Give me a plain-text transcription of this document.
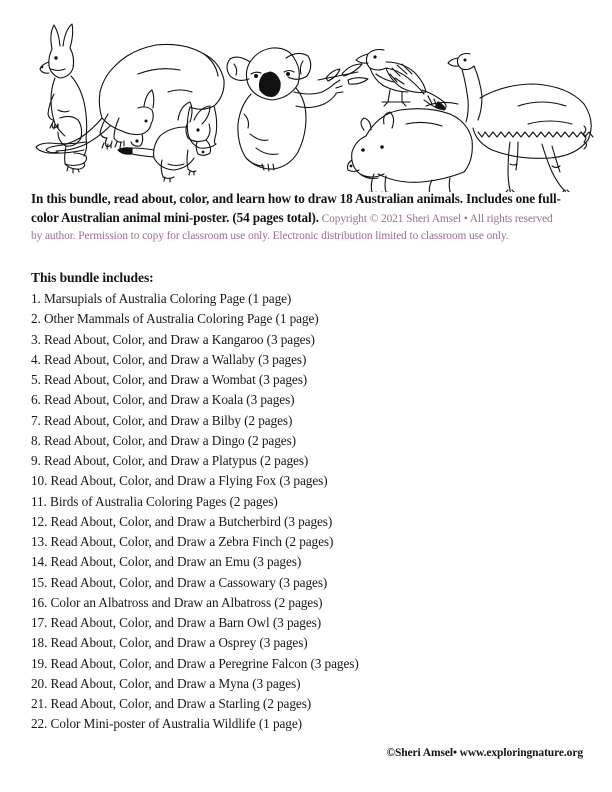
In this bundle, read about, color, and learn how to draw 18 Australian animals. Includes one full-
color Australian animal mini-poster. (54 pages total). Copyright © 2021 Sheri Amsel • All rights reserved
by author. Permission to copy for classroom use only. Electronic distribution limited to classroom use only.
This bundle includes:
1. Marsupials of Australia Coloring Page (1 page)
2. Other Mammals of Australia Coloring Page (1 page)
3. Read About, Color, and Draw a Kangaroo (3 pages)
4. Read About, Color, and Draw a Wallaby (3 pages)
5. Read About, Color, and Draw a Wombat (3 pages)
6. Read About, Color, and Draw a Koala (3 pages)
7. Read About, Color, and Draw a Bilby (2 pages)
8. Read About, Color, and Draw a Dingo (2 pages)
9. Read About, Color, and Draw a Platypus (2 pages)
10. Read About, Color, and Draw a Flying Fox (3 pages)
11. Birds of Australia Coloring Pages (2 pages)
12. Read About, Color, and Draw a Butcherbird (3 pages)
13. Read About, Color, and Draw a Zebra Finch (2 pages)
14. Read About, Color, and Draw an Emu (3 pages)
15. Read About, Color, and Draw a Cassowary (3 pages)
16. Color an Albatross and Draw an Albatross (2 pages)
17. Read About, Color, and Draw a Barn Owl (3 pages)
18. Read About, Color, and Draw a Osprey (3 pages)
19. Read About, Color, and Draw a Peregrine Falcon (3 pages)
20. Read About, Color, and Draw a Myna (3 pages)
21. Read About, Color, and Draw a Starling (2 pages)
22. Color Mini-poster of Australia Wildlife (1 page)
©Sheri Amsel• www.exploringnature.org
